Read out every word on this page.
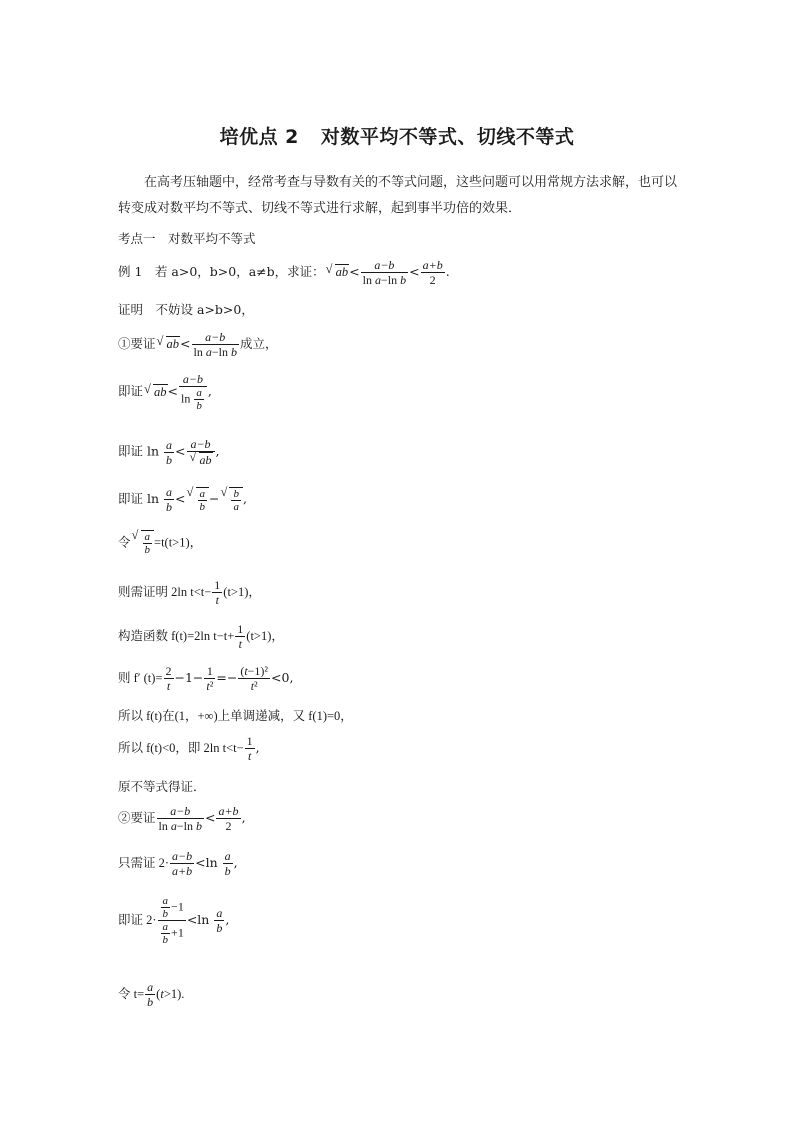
培优点 2 对数平均不等式、切线不等式
在高考压轴题中，经常考查与导数有关的不等式问题，这些问题可以用常规方法求解，也可以转变成对数平均不等式、切线不等式进行求解，起到事半功倍的效果．
考点一　对数平均不等式
例 1　 若 a>0，b>0，a≠b，求证： √ $ab< \frac{a-b}{\text{ln a−ln b}} < \frac{a+b}{2}$ .
证明　 不妨设 a>b>0，
①要证 √ $ab< \frac{a-b}{\text{ln a−ln b}}$ 成立，
即证 √ $ab< \frac{a-b}{\ln \frac{a}{b}}$ ,
即证 $\ln \frac{a}{b} < a-b$
√ ab ,
即证 $\ln \frac{a}{b}$ < √ $\frac{a}{b}$ − √ $\frac{b}{a}$ ,
令 √ $\frac{a}{b} =t(t>1)$，
则需证明 2ln $t<t- \frac{1}{t} (t>1)$，
构造函数 f(t)=2ln $t-t+ \frac{1}{t} (t>1)$，
则 f′ $(t)= \frac{2}{t} -1- \frac{1}{\text{t²}} =- \frac{\text{(t−1)²}}{\text{t²}} <0$,
所以 f(t)在(1，+∞)上单调递减，又 f(1)=0，
所以 f(t)<0，即 2ln $t<t- \frac{1}{t}$ ,
原不等式得证．
②要证 $\frac{a-b}{\text{ln a−ln b}} < \frac{a+b}{2}$ ,
只需证 $2\cdot \frac{a-b}{a+b} <\ln \frac{a}{b}$ ,
即证 $2\cdot \frac{\frac{a}{b} -1}{\frac{a}{b} +1} <\ln \frac{a}{b}$ ,
令 $t= \frac{a}{b} (t>1)$.
